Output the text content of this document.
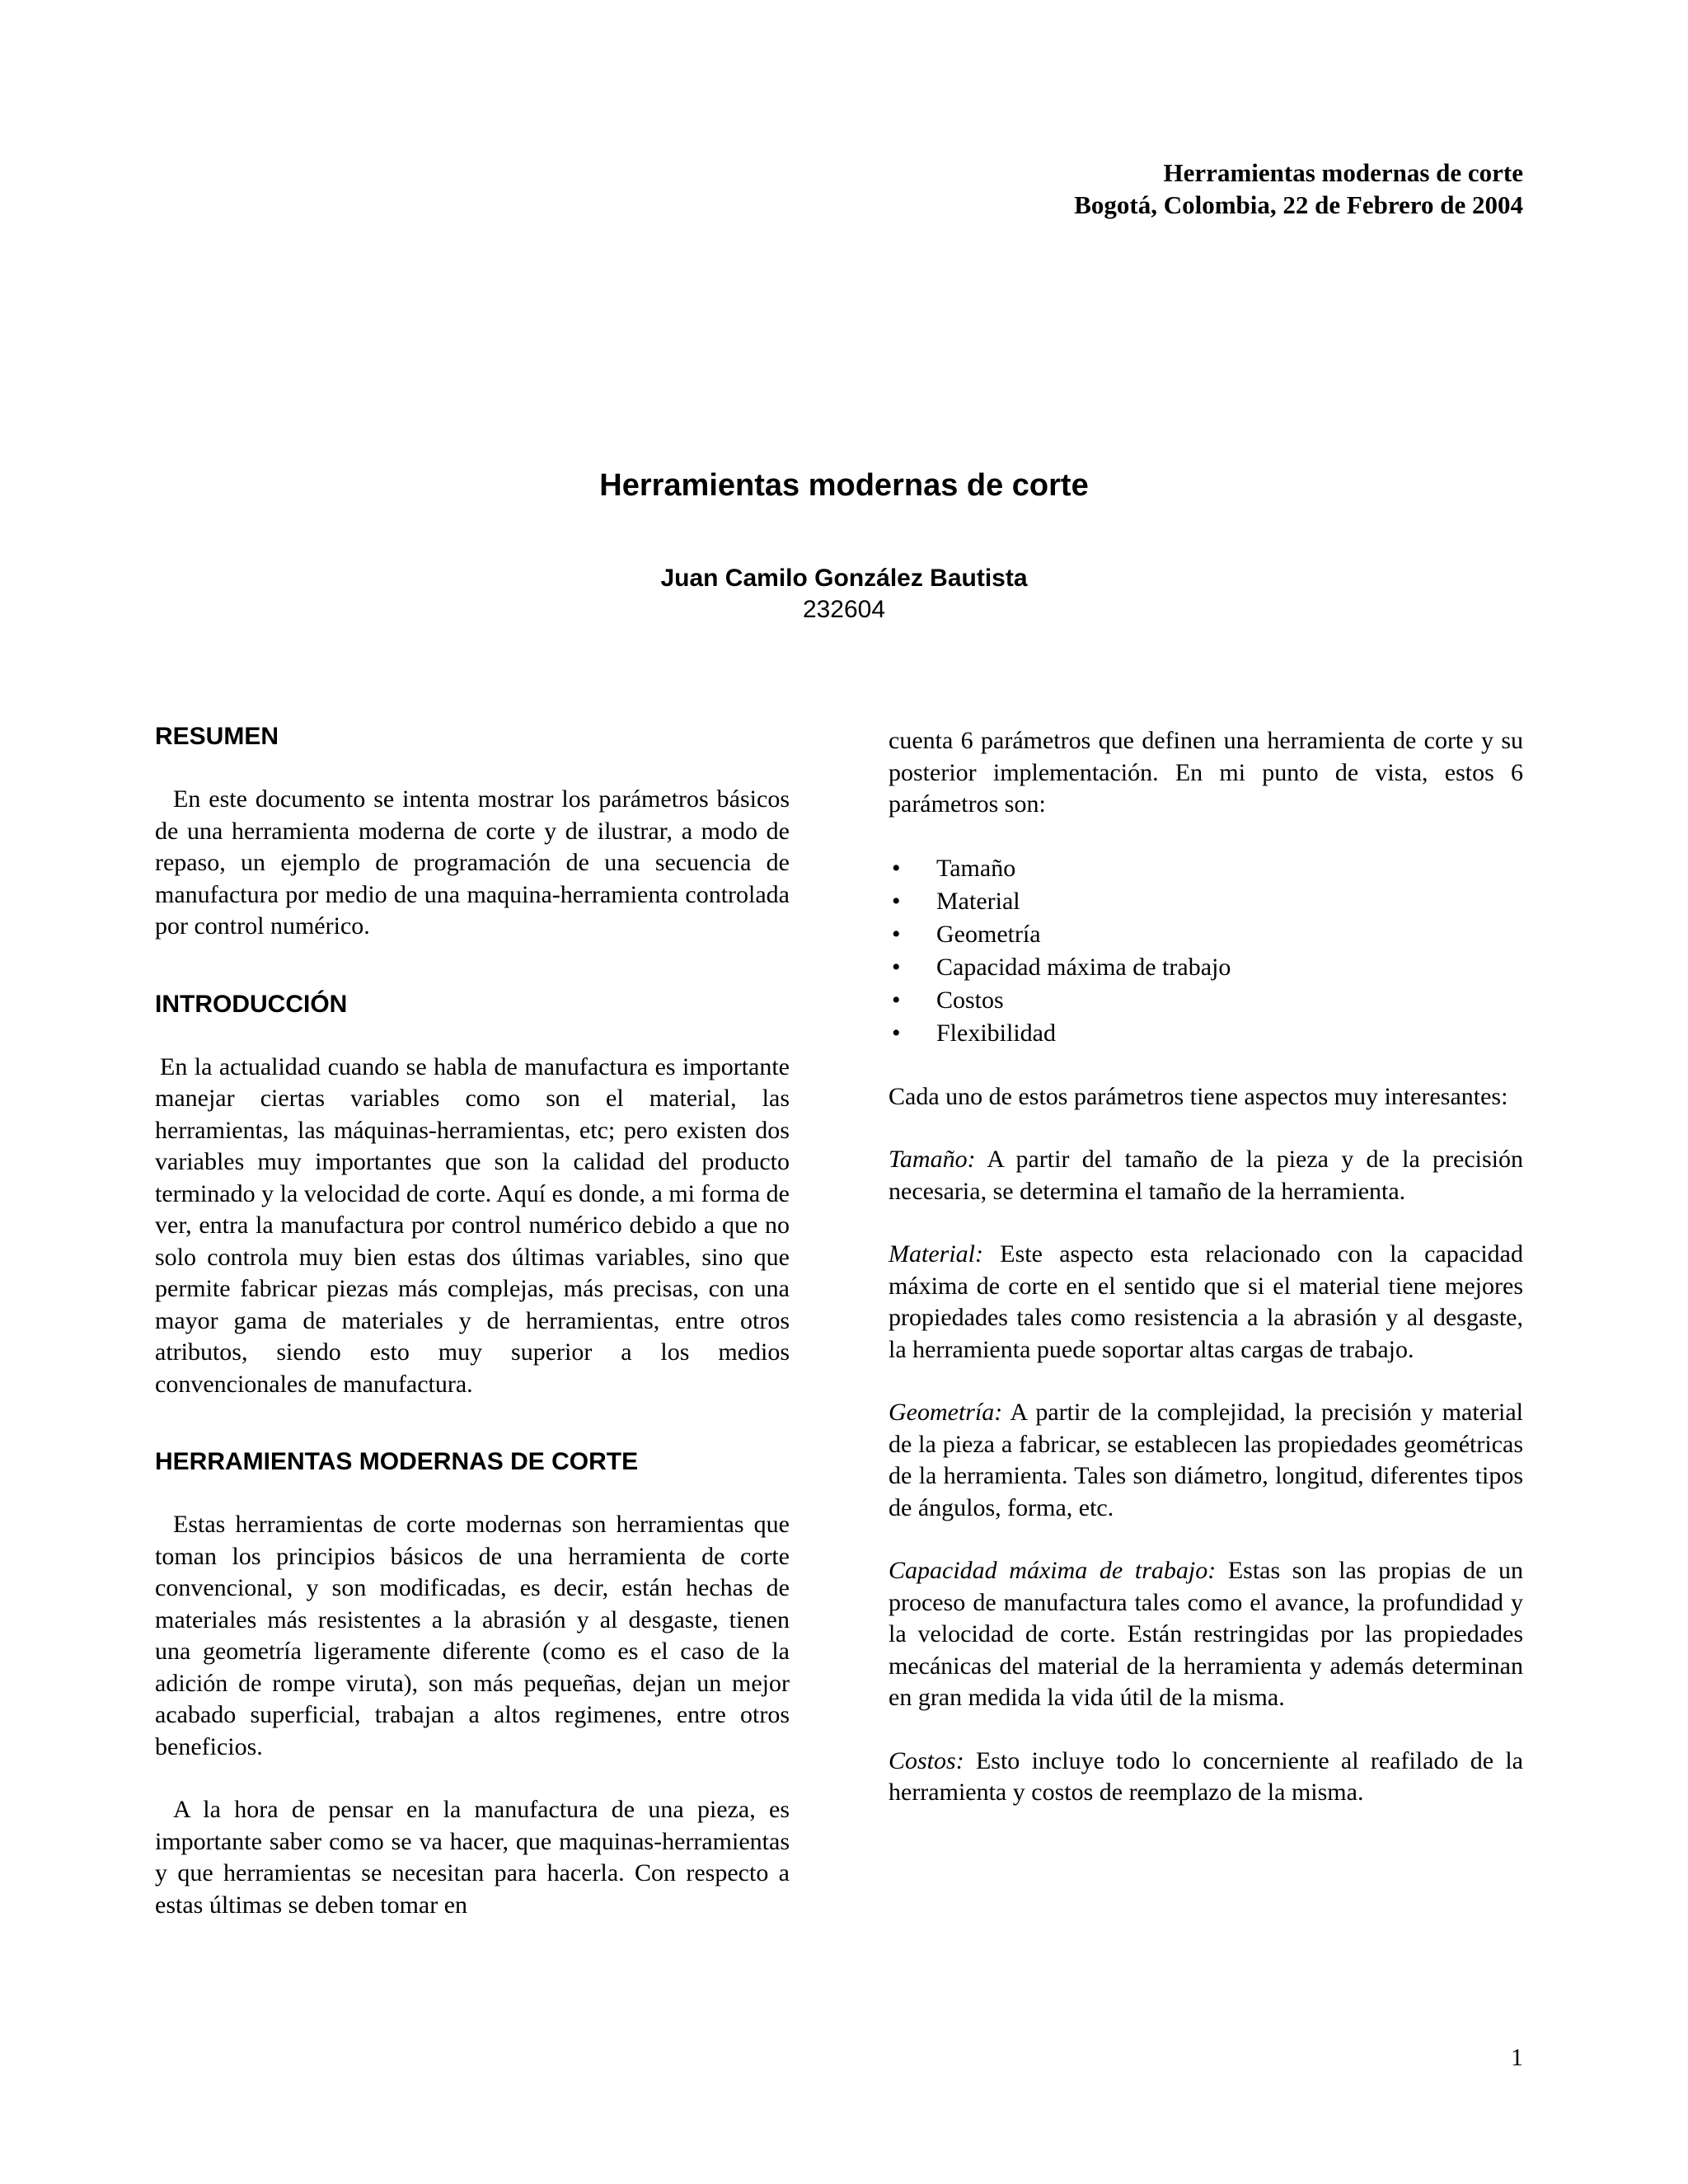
Herramientas modernas de corte
Bogotá, Colombia, 22 de Febrero de 2004
Herramientas modernas de corte
Juan Camilo González Bautista
232604
RESUMEN

En este documento se intenta mostrar los parámetros básicos de una herramienta moderna de corte y de ilustrar, a modo de repaso, un ejemplo de programación de una secuencia de manufactura por medio de una maquina-herramienta controlada por control numérico.

INTRODUCCIÓN

En la actualidad cuando se habla de manufactura es importante manejar ciertas variables como son el material, las herramientas, las máquinas-herramientas, etc; pero existen dos variables muy importantes que son la calidad del producto terminado y la velocidad de corte. Aquí es donde, a mi forma de ver, entra la manufactura por control numérico debido a que no solo controla muy bien estas dos últimas variables, sino que permite fabricar piezas más complejas, más precisas, con una mayor gama de materiales y de herramientas, entre otros atributos, siendo esto muy superior a los medios convencionales de manufactura.

HERRAMIENTAS MODERNAS DE CORTE

Estas herramientas de corte modernas son herramientas que toman los principios básicos de una herramienta de corte convencional, y son modificadas, es decir, están hechas de materiales más resistentes a la abrasión y al desgaste, tienen una geometría ligeramente diferente (como es el caso de la adición de rompe viruta), son más pequeñas, dejan un mejor acabado superficial, trabajan a altos regimenes, entre otros beneficios.

A la hora de pensar en la manufactura de una pieza, es importante saber como se va hacer, que maquinas-herramientas y que herramientas se necesitan para hacerla. Con respecto a estas últimas se deben tomar en

cuenta 6 parámetros que definen una herramienta de corte y su posterior implementación. En mi punto de vista, estos 6 parámetros son:

• Tamaño
• Material
• Geometría
• Capacidad máxima de trabajo
• Costos
• Flexibilidad

Cada uno de estos parámetros tiene aspectos muy interesantes:

Tamaño: A partir del tamaño de la pieza y de la precisión necesaria, se determina el tamaño de la herramienta.

Material: Este aspecto esta relacionado con la capacidad máxima de corte en el sentido que si el material tiene mejores propiedades tales como resistencia a la abrasión y al desgaste, la herramienta puede soportar altas cargas de trabajo.

Geometría: A partir de la complejidad, la precisión y material de la pieza a fabricar, se establecen las propiedades geométricas de la herramienta. Tales son diámetro, longitud, diferentes tipos de ángulos, forma, etc.

Capacidad máxima de trabajo: Estas son las propias de un proceso de manufactura tales como el avance, la profundidad y la velocidad de corte. Están restringidas por las propiedades mecánicas del material de la herramienta y además determinan en gran medida la vida útil de la misma.

Costos: Esto incluye todo lo concerniente al reafilado de la herramienta y costos de reemplazo de la misma.

1
